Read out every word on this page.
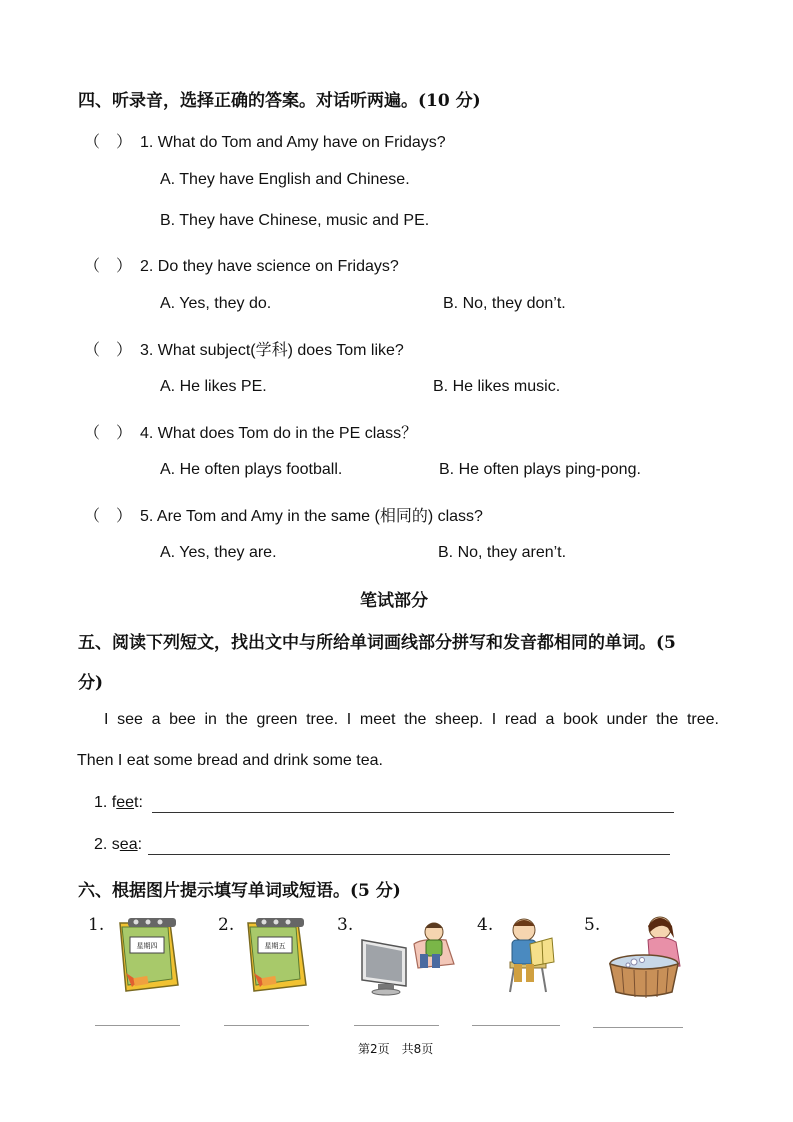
四、听录音，选择正确的答案。对话听两遍。(10 分)
（　） 1. What do Tom and Amy have on Fridays?
A. They have English and Chinese.
B. They have Chinese, music and PE.
（　） 2. Do they have science on Fridays?
A. Yes, they do.	B. No, they don’t.
（　） 3. What subject(学科) does Tom like?
A. He likes PE.	B. He likes music.
（　） 4. What does Tom do in the PE class？
A. He often plays football.	B. He often plays ping-pong.
（　） 5. Are Tom and Amy in the same (相同的) class?
A. Yes, they are.	B. No, they aren’t.
笔试部分
五、阅读下列短文，找出文中与所给单词画线部分拼写和发音都相同的单词。(5
分)
I see a bee in the green tree. I meet the sheep. I read a book under the tree.
Then I eat some bread and drink some tea.
1. feet:
2. sea:
六、根据图片提示填写单词或短语。(5 分)
1.
星期四
2.
星期五
3.	4.	5.
第2页　共8页
